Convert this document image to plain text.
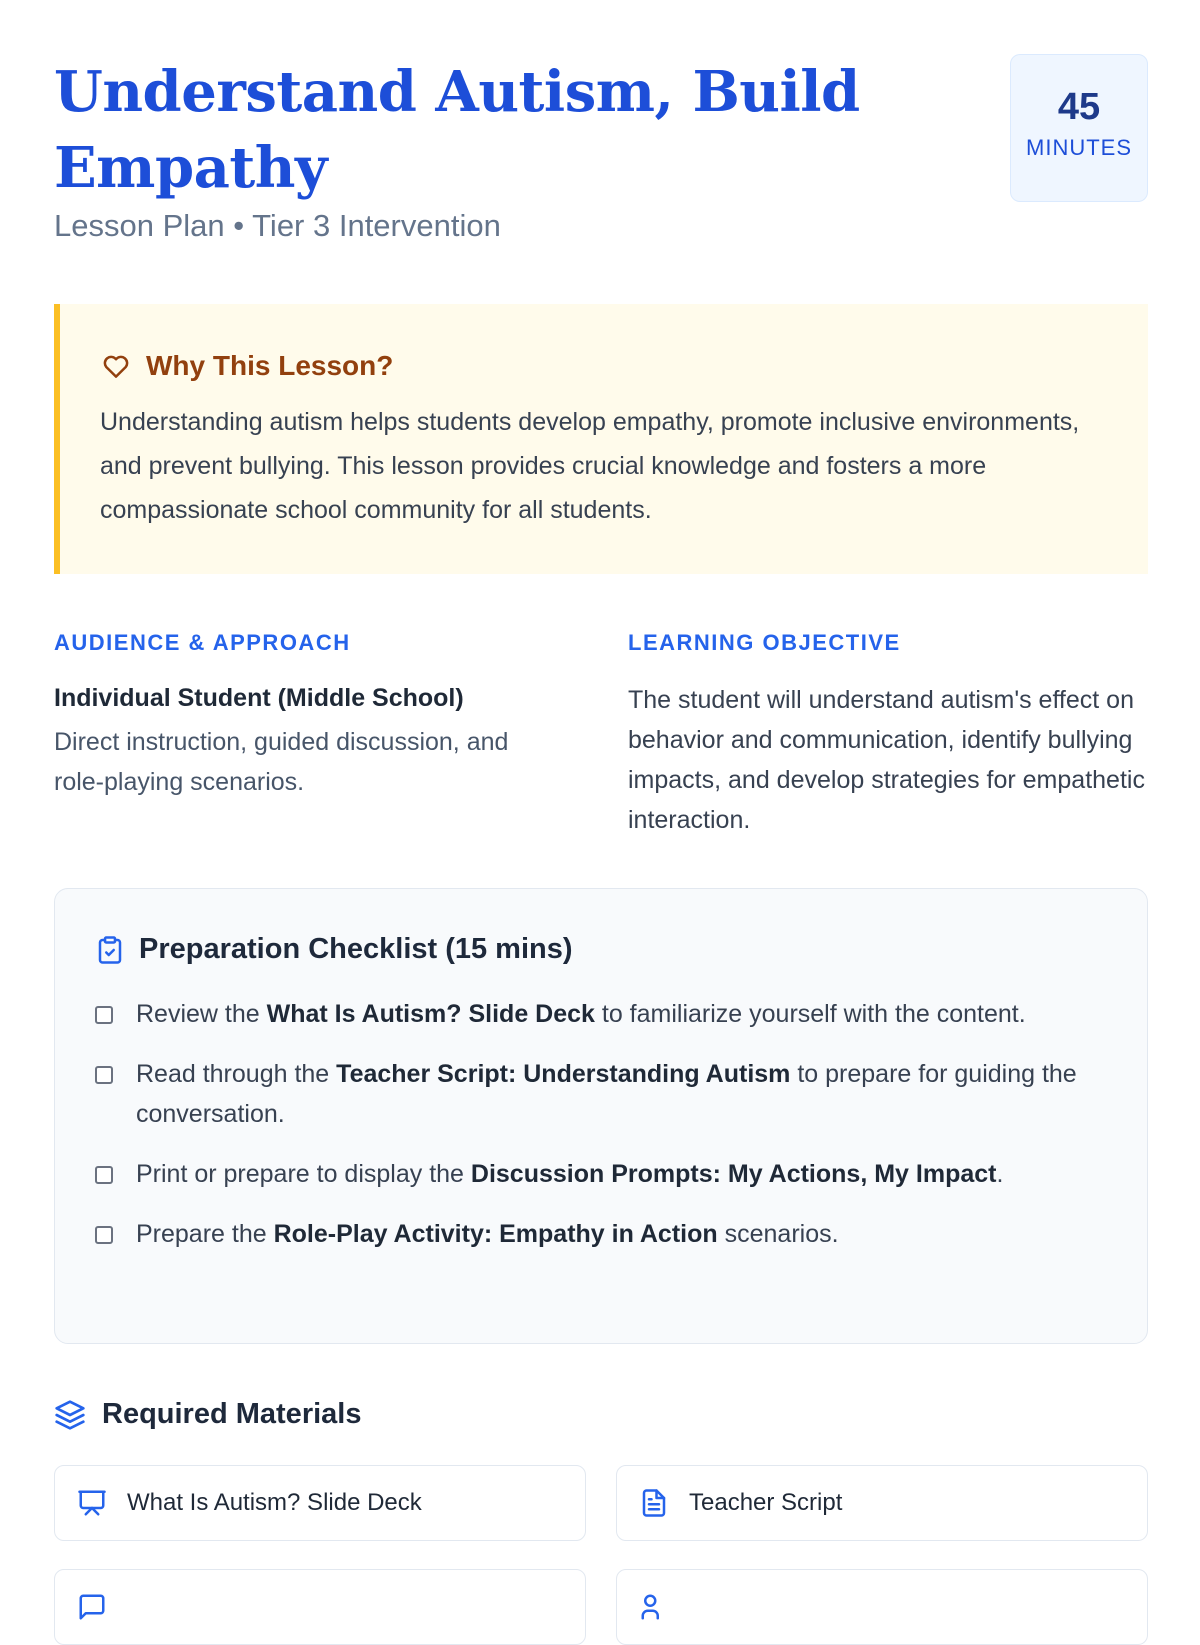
Understand Autism, Build Empathy
Lesson Plan • Tier 3 Intervention
45
MINUTES
Why This Lesson?
Understanding autism helps students develop empathy, promote inclusive environments, and prevent bullying. This lesson provides crucial knowledge and fosters a more compassionate school community for all students.
AUDIENCE & APPROACH
Individual Student (Middle School)
Direct instruction, guided discussion, and role-playing scenarios.
LEARNING OBJECTIVE
The student will understand autism's effect on behavior and communication, identify bullying impacts, and develop strategies for empathetic interaction.
Preparation Checklist (15 mins)
Review the What Is Autism? Slide Deck to familiarize yourself with the content.
Read through the Teacher Script: Understanding Autism to prepare for guiding the conversation.
Print or prepare to display the Discussion Prompts: My Actions, My Impact.
Prepare the Role-Play Activity: Empathy in Action scenarios.
Required Materials
What Is Autism? Slide Deck	Teacher Script
